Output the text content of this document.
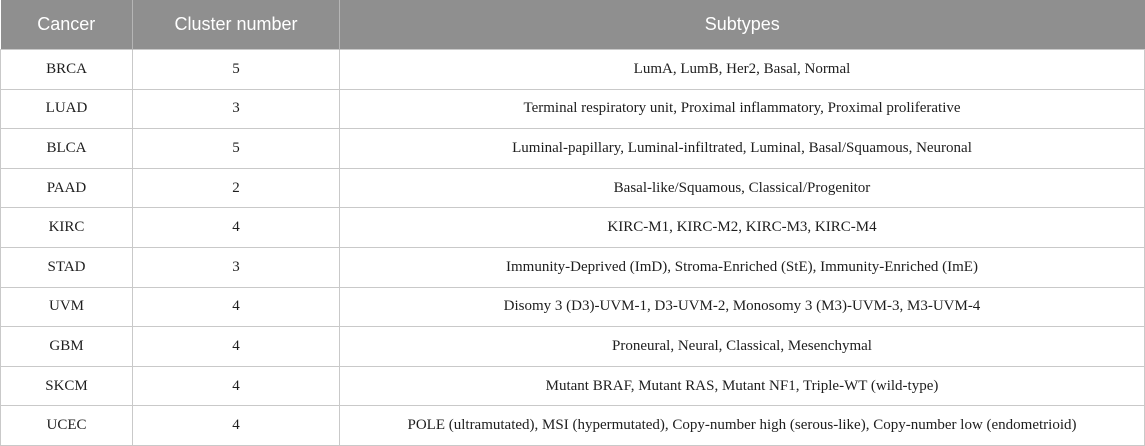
Cancer	Cluster number	Subtypes
BRCA	5	LumA, LumB, Her2, Basal, Normal
LUAD	3	Terminal respiratory unit, Proximal inflammatory, Proximal proliferative
BLCA	5	Luminal-papillary, Luminal-infiltrated, Luminal, Basal/Squamous, Neuronal
PAAD	2	Basal-like/Squamous, Classical/Progenitor
KIRC	4	KIRC-M1, KIRC-M2, KIRC-M3, KIRC-M4
STAD	3	Immunity-Deprived (ImD), Stroma-Enriched (StE), Immunity-Enriched (ImE)
UVM	4	Disomy 3 (D3)-UVM-1, D3-UVM-2, Monosomy 3 (M3)-UVM-3, M3-UVM-4
GBM	4	Proneural, Neural, Classical, Mesenchymal
SKCM	4	Mutant BRAF, Mutant RAS, Mutant NF1, Triple-WT (wild-type)
UCEC	4	POLE (ultramutated), MSI (hypermutated), Copy-number high (serous-like), Copy-number low (endometrioid)
